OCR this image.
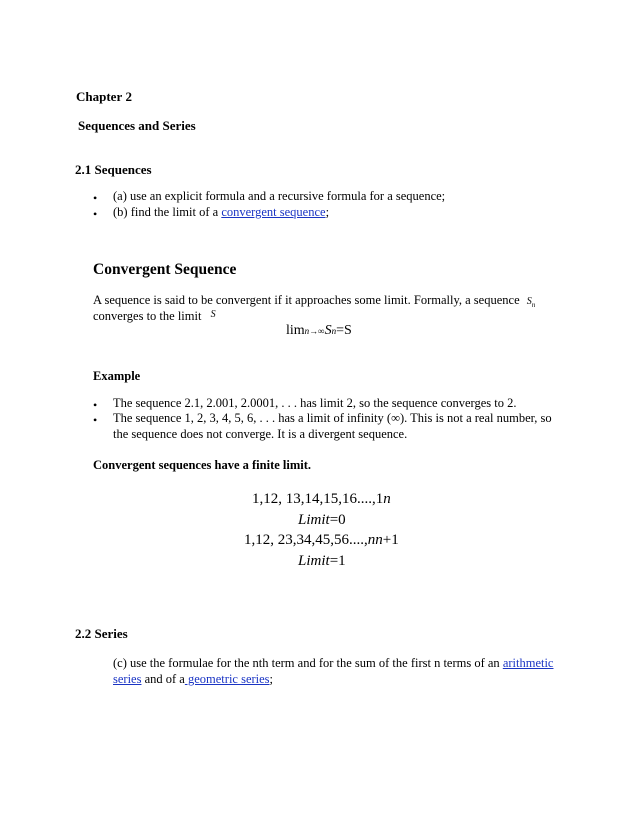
Chapter 2
Sequences and Series
2.1 Sequences
• (a) use an explicit formula and a recursive formula for a sequence;
• (b) find the limit of a convergent sequence;
Convergent Sequence
A sequence is said to be convergent if it approaches some limit. Formally, a sequence $S_n$
converges to the limit $^S$
limn→∞Sn=S
Example
• The sequence 2.1, 2.001, 2.0001, . . . has limit 2, so the sequence converges to 2.
• The sequence 1, 2, 3, 4, 5, 6, . . . has a limit of infinity (∞). This is not a real number, so
the sequence does not converge. It is a divergent sequence.
Convergent sequences have a finite limit.
1,12, 13,14,15,16....,1n
Limit=0
1,12, 23,34,45,56....,nn+1
Limit=1
2.2 Series
(c) use the formulae for the nth term and for the sum of the first n terms of an arithmetic
series and of a geometric series;
